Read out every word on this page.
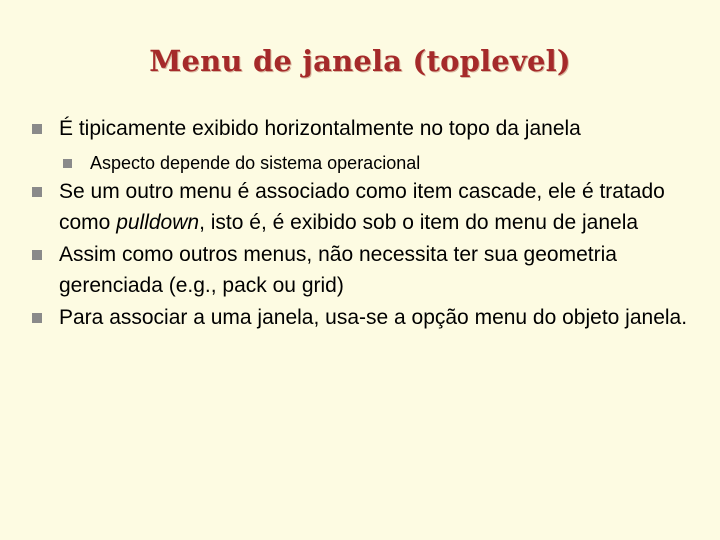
Menu de janela (toplevel)
É tipicamente exibido horizontalmente no topo da janela
Aspecto depende do sistema operacional
Se um outro menu é associado como item cascade, ele é tratado como pulldown, isto é, é exibido sob o item do menu de janela
Assim como outros menus, não necessita ter sua geometria gerenciada (e.g., pack ou grid)
Para associar a uma janela, usa-se a opção menu do objeto janela.
